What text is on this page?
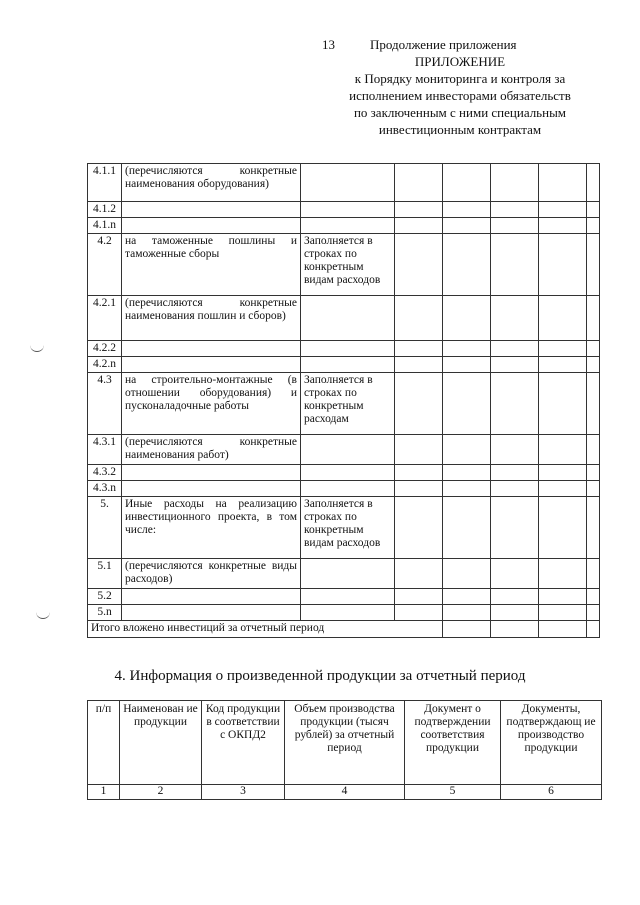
13	Продолжение приложения
ПРИЛОЖЕНИЕ
к Порядку мониторинга и контроля за
исполнением инвесторами обязательств
по заключенным с ними специальным
инвестиционным контрактам
4.1.1	(перечисляются конкретные наименования оборудования)						
4.1.2							
4.1.n							
4.2	на таможенные пошлины и таможенные сборы	Заполняется в строках по конкретным видам расходов					
4.2.1	(перечисляются конкретные наименования пошлин и сборов)						
4.2.2							
4.2.n							
4.3	на строительно-монтажные (в отношении оборудования) и пусконаладочные работы	Заполняется в строках по конкретным расходам					
4.3.1	(перечисляются конкретные наименования работ)						
4.3.2							
4.3.n							
5.	Иные расходы на реализацию инвестиционного проекта, в том числе:	Заполняется в строках по конкретным видам расходов					
5.1	(перечисляются конкретные виды расходов)						
5.2							
5.n							
Итого вложено инвестиций за отчетный период							
4. Информация о произведенной продукции за отчетный период
п/п	Наименован ие продукции	Код продукции в соответствии с ОКПД2	Объем производства продукции (тысяч рублей) за отчетный период	Документ о подтверждении соответствия продукции	Документы, подтверждающ ие производство продукции
1	2	3	4	5	6
